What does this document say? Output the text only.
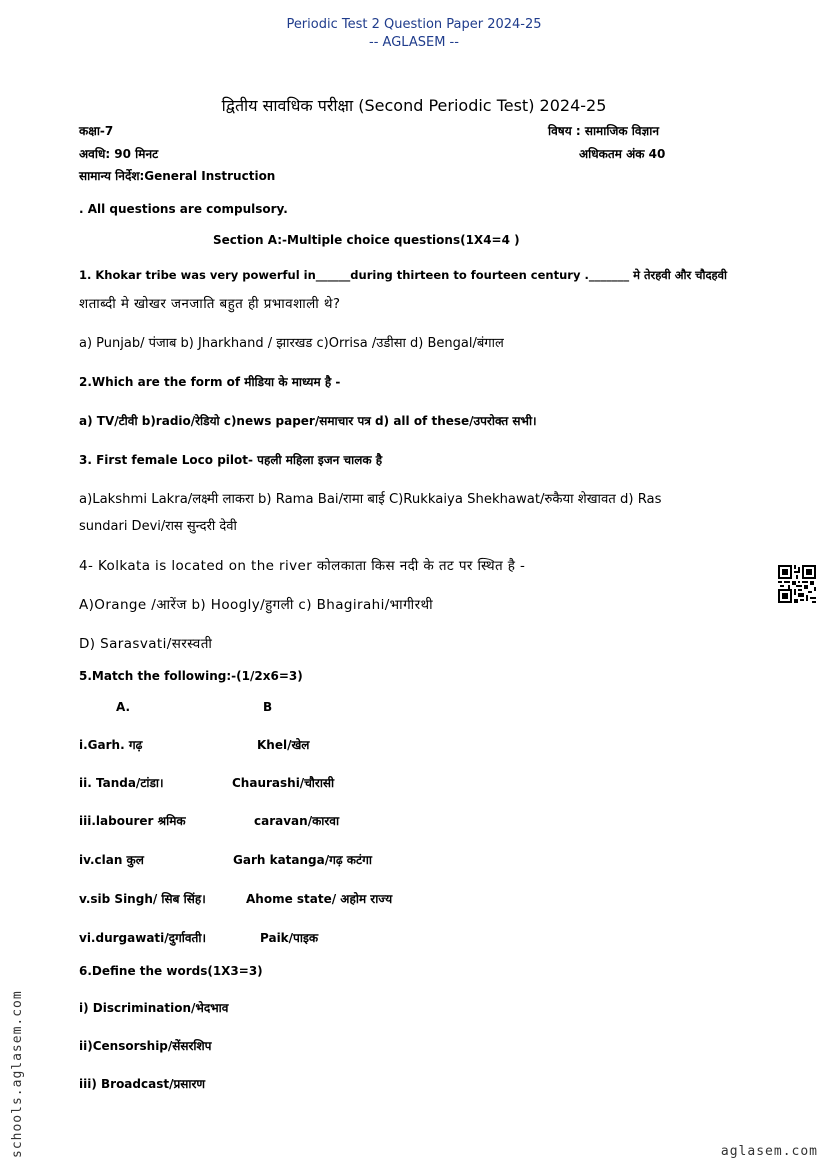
Periodic Test 2 Question Paper 2024-25
-- AGLASEM --
द्वितीय सावधिक परीक्षा (Second Periodic Test) 2024-25
कक्षा-7	विषय : सामाजिक विज्ञान
अवधि: 90 मिनट	अधिकतम अंक 40
सामान्य निर्देश:General Instruction
. All questions are compulsory.
Section A:-Multiple choice questions(1X4=4 )
1. Khokar tribe was very powerful in______during thirteen to fourteen century ._______ मे तेरहवी और चौदहवी
शताब्दी मे खोखर जनजाति बहुत ही प्रभावशाली थे?
a) Punjab/ पंजाब b) Jharkhand / झारखड c)Orrisa /उडीसा d) Bengal/बंगाल
2.Which are the form of मीडिया के माध्यम है -
a) TV/टीवी b)radio/रेडियो c)news paper/समाचार पत्र d) all of these/उपरोक्त सभी।
3. First female Loco pilot- पहली महिला इजन चालक है
a)Lakshmi Lakra/लक्ष्मी लाकरा b) Rama Bai/रामा बाई C)Rukkaiya Shekhawat/रुकैया शेखावत d) Ras
sundari Devi/रास सुन्दरी देवी
4- Kolkata is located on the river कोलकाता किस नदी के तट पर स्थित है -
A)Orange /आरेंज b) Hoogly/हुगली c) Bhagirahi/भागीरथी
D) Sarasvati/सरस्वती
5.Match the following:-(1/2x6=3)
A.	B
i.Garh. गढ़	Khel/खेल
ii. Tanda/टांडा।	Chaurashi/चौरासी
iii.labourer श्रमिक	caravan/कारवा
iv.clan कुल	Garh katanga/गढ़ कटंगा
v.sib Singh/ सिब सिंह।	Ahome state/ अहोम राज्य
vi.durgawati/दुर्गावती।	Paik/पाइक
6.Define the words(1X3=3)
i) Discrimination/भेदभाव
ii)Censorship/सेंसरशिप
iii) Broadcast/प्रसारण
schools.aglasem.com	aglasem.com
